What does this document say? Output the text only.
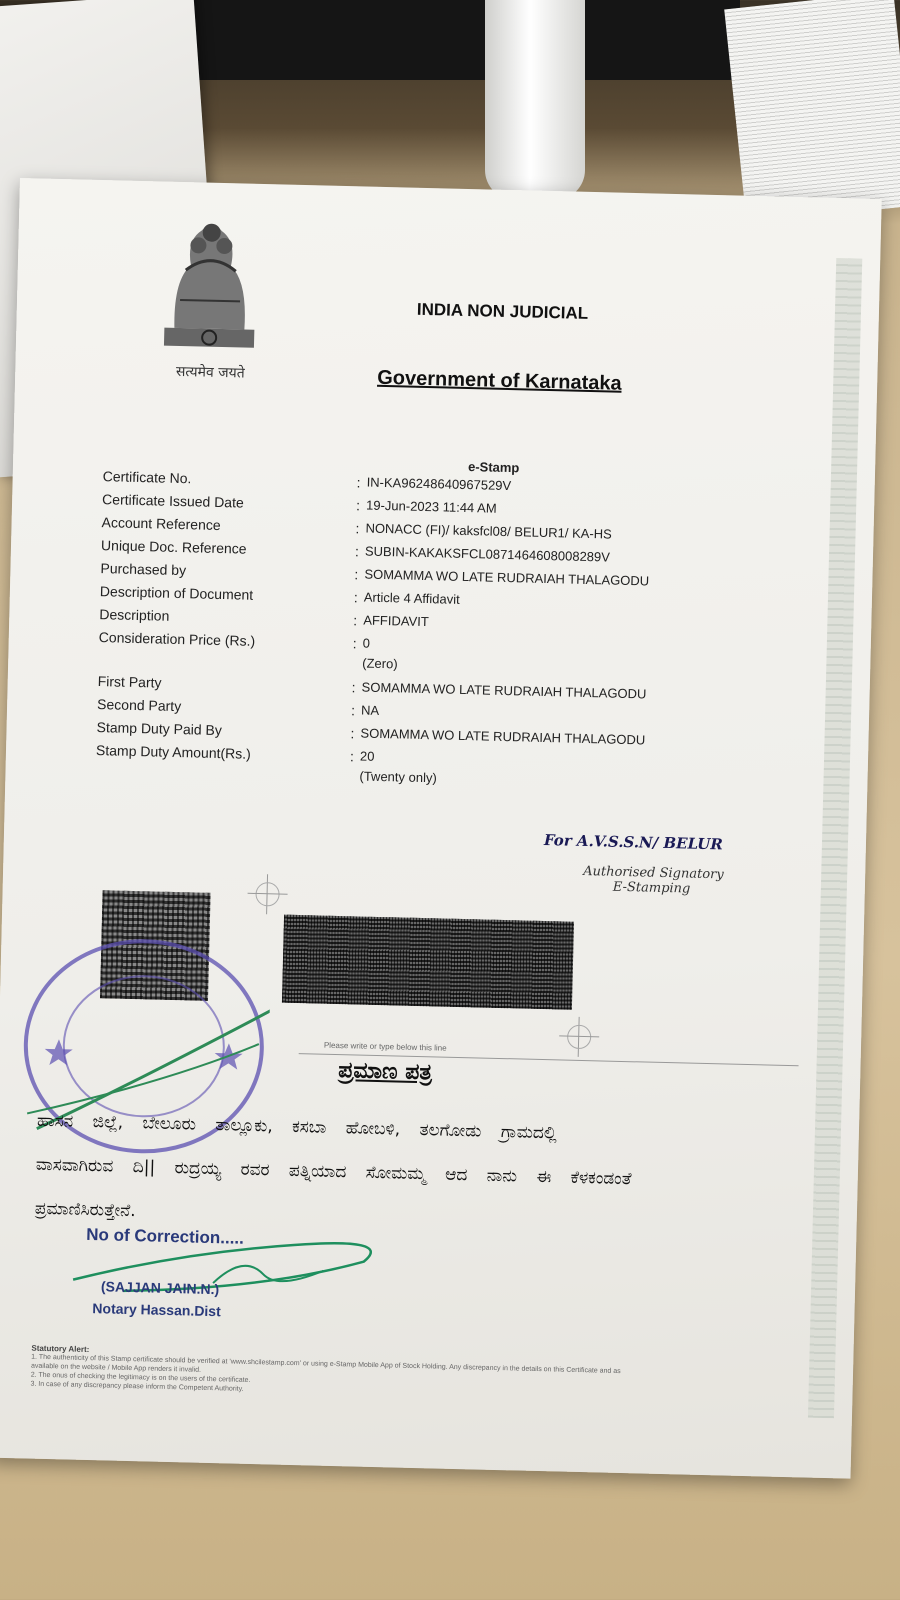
सत्यमेव जयते
INDIA NON JUDICIAL
Government of Karnataka
e-Stamp
Certificate No.	: IN-KA96248640967529V
Certificate Issued Date	: 19-Jun-2023 11:44 AM
Account Reference	: NONACC (FI)/ kaksfcl08/ BELUR1/ KA-HS
Unique Doc. Reference	: SUBIN-KAKAKSFCL0871464608008289V
Purchased by	: SOMAMMA WO LATE RUDRAIAH THALAGODU
Description of Document	: Article 4 Affidavit
Description	: AFFIDAVIT
Consideration Price (Rs.)	: 0
(Zero)
First Party	: SOMAMMA WO LATE RUDRAIAH THALAGODU
Second Party	: NA
Stamp Duty Paid By	: SOMAMMA WO LATE RUDRAIAH THALAGODU
Stamp Duty Amount(Rs.)	: 20
(Twenty only)
For A.V.S.S.N/ BELUR
Authorised Signatory
E-Stamping
Please write or type below this line
ಪ್ರಮಾಣ ಪತ್ರ
ಹಾಸನ ಜಿಲ್ಲೆ, ಬೇಲೂರು ತಾಲ್ಲೂಕು, ಕಸಬಾ ಹೋಬಳಿ, ತಲಗೋಡು ಗ್ರಾಮದಲ್ಲಿ
ವಾಸವಾಗಿರುವ ದಿ|| ರುದ್ರಯ್ಯ ರವರ ಪತ್ನಿಯಾದ ಸೋಮಮ್ಮ ಆದ ನಾನು ಈ ಕೆಳಕಂಡಂತೆ
ಪ್ರಮಾಣಿಸಿರುತ್ತೇನೆ.
No of Correction.....
(SAJJAN JAIN.N.)
Notary Hassan.Dist
Statutory Alert:
1. The authenticity of this Stamp certificate should be verified at 'www.shcilestamp.com' or using e-Stamp Mobile App of Stock Holding. Any discrepancy in the details on this Certificate and as available on the website / Mobile App renders it invalid.
2. The onus of checking the legitimacy is on the users of the certificate.
3. In case of any discrepancy please inform the Competent Authority.
